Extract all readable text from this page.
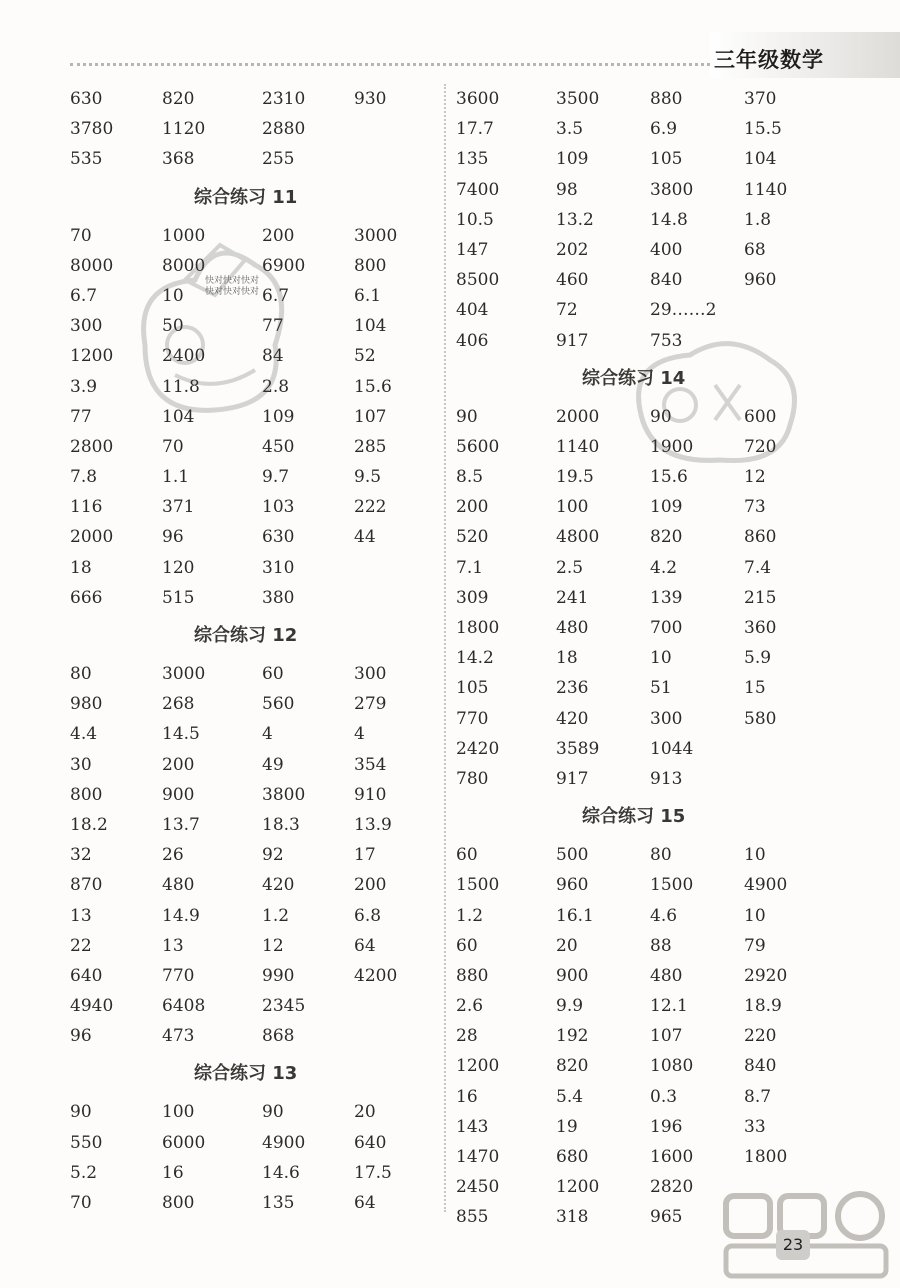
三年级数学
630	820	2310	930
3780	1120	2880
535	368	255
综合练习 11
70	1000	200	3000
8000	8000	6900	800
6.7	10	6.7	6.1
300	50	77	104
1200	2400	84	52
3.9	11.8	2.8	15.6
77	104	109	107
2800	70	450	285
7.8	1.1	9.7	9.5
116	371	103	222
2000	96	630	44
18	120	310
666	515	380
综合练习 12
80	3000	60	300
980	268	560	279
4.4	14.5	4	4
30	200	49	354
800	900	3800	910
18.2	13.7	18.3	13.9
32	26	92	17
870	480	420	200
13	14.9	1.2	6.8
22	13	12	64
640	770	990	4200
4940	6408	2345
96	473	868
综合练习 13
90	100	90	20
550	6000	4900	640
5.2	16	14.6	17.5
70	800	135	64
3600	3500	880	370
17.7	3.5	6.9	15.5
135	109	105	104
7400	98	3800	1140
10.5	13.2	14.8	1.8
147	202	400	68
8500	460	840	960
404	72	29……2
406	917	753
综合练习 14
90	2000	90	600
5600	1140	1900	720
8.5	19.5	15.6	12
200	100	109	73
520	4800	820	860
7.1	2.5	4.2	7.4
309	241	139	215
1800	480	700	360
14.2	18	10	5.9
105	236	51	15
770	420	300	580
2420	3589	1044
780	917	913
综合练习 15
60	500	80	10
1500	960	1500	4900
1.2	16.1	4.6	10
60	20	88	79
880	900	480	2920
2.6	9.9	12.1	18.9
28	192	107	220
1200	820	1080	840
16	5.4	0.3	8.7
143	19	196	33
1470	680	1600	1800
2450	1200	2820
855	318	965
快对快对快对
快对快对快对
23
